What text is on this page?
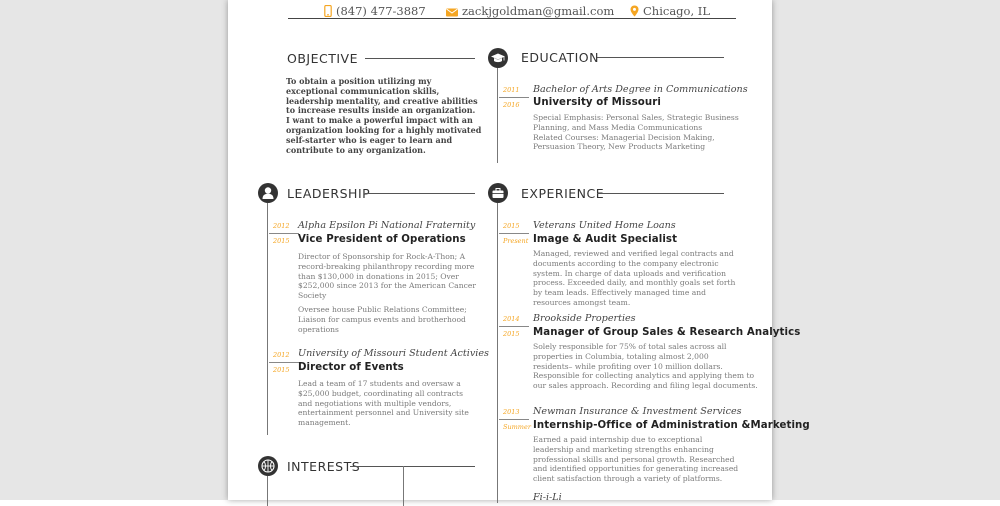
(847) 477-3887	zackjgoldman@gmail.com	Chicago, IL
OBJECTIVE
To obtain a position utilizing my
exceptional communication skills,
leadership mentality, and creative abilities
to increase results inside an organization.
I want to make a powerful impact with an
organization looking for a highly motivated
self-starter who is eager to learn and
contribute to any organization.
EDUCATION
2011
2016
Bachelor of Arts Degree in Communications
University of Missouri
Special Emphasis: Personal Sales, Strategic Business
Planning, and Mass Media Communications
Related Courses: Managerial Decision Making,
Persuasion Theory, New Products Marketing
LEADERSHIP
2012
2015
Alpha Epsilon Pi National Fraternity
Vice President of Operations
Director of Sponsorship for Rock-A-Thon; A
record-breaking philanthropy recording more
than $130,000 in donations in 2015; Over
$252,000 since 2013 for the American Cancer
Society
Oversee house Public Relations Committee;
Liaison for campus events and brotherhood
operations
2012
2015
University of Missouri Student Activies
Director of Events
Lead a team of 17 students and oversaw a
$25,000 budget, coordinating all contracts
and negotiations with multiple vendors,
entertainment personnel and University site
management.
INTERESTS
EXPERIENCE
2015
Present
Veterans United Home Loans
Image & Audit Specialist
Managed, reviewed and verified legal contracts and
documents according to the company electronic
system. In charge of data uploads and verification
process. Exceeded daily, and monthly goals set forth
by team leads. Effectively managed time and
resources amongst team.
2014
2015
Brookside Properties
Manager of Group Sales & Research Analytics
Solely responsible for 75% of total sales across all
properties in Columbia, totaling almost 2,000
residents– while profiting over 10 million dollars.
Responsible for collecting analytics and applying them to
our sales approach. Recording and filing legal documents.
2013
Summer
Newman Insurance & Investment Services
Internship-Office of Administration &Marketing
Earned a paid internship due to exceptional
leadership and marketing strengths enhancing
professional skills and personal growth. Researched
and identified opportunities for generating increased
client satisfaction through a variety of platforms.
Fi-i-Li
